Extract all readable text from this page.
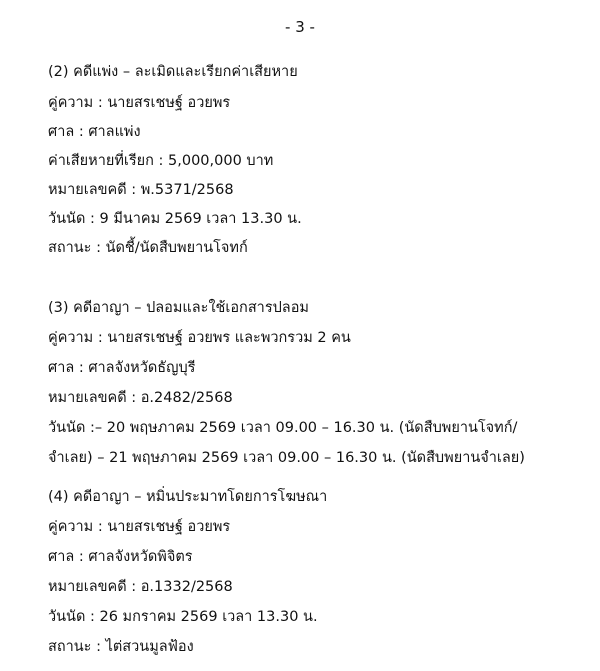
- 3 -
(2) คดีแพ่ง – ละเมิดและเรียกค่าเสียหาย
คู่ความ : นายสรเชษฐ์ อวยพร
ศาล : ศาลแพ่ง
ค่าเสียหายที่เรียก : 5,000,000 บาท
หมายเลขคดี : พ.5371/2568
วันนัด : 9 มีนาคม 2569 เวลา 13.30 น.
สถานะ : นัดชี้/นัดสืบพยานโจทก์
(3) คดีอาญา – ปลอมและใช้เอกสารปลอม
คู่ความ : นายสรเชษฐ์ อวยพร และพวกรวม 2 คน
ศาล : ศาลจังหวัดธัญบุรี
หมายเลขคดี : อ.2482/2568
วันนัด :– 20 พฤษภาคม 2569 เวลา 09.00 – 16.30 น. (นัดสืบพยานโจทก์/
จำเลย) – 21 พฤษภาคม 2569 เวลา 09.00 – 16.30 น. (นัดสืบพยานจำเลย)
(4) คดีอาญา – หมิ่นประมาทโดยการโฆษณา
คู่ความ : นายสรเชษฐ์ อวยพร
ศาล : ศาลจังหวัดพิจิตร
หมายเลขคดี : อ.1332/2568
วันนัด : 26 มกราคม 2569 เวลา 13.30 น.
สถานะ : ไต่สวนมูลฟ้อง
